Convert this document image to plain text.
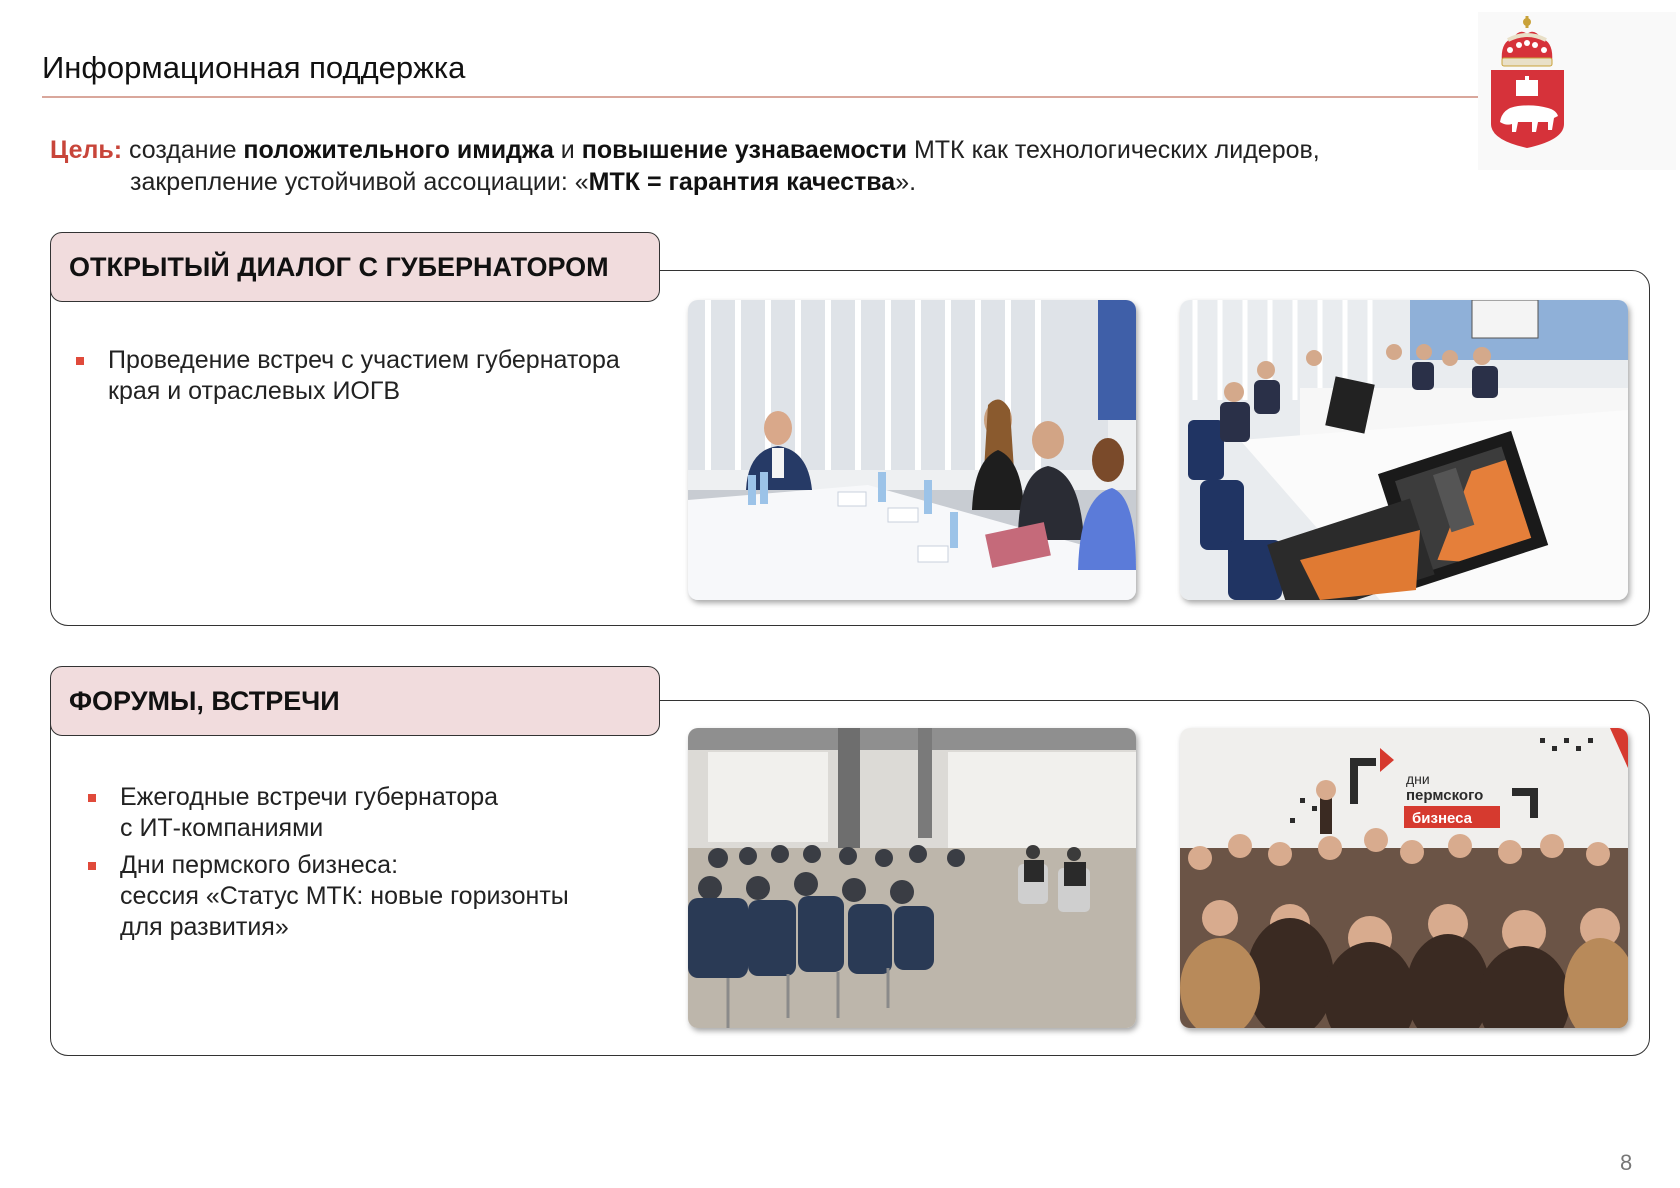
Информационная поддержка
Цель: создание положительного имиджа и повышение узнаваемости МТК как технологических лидеров,
закрепление устойчивой ассоциации: «МТК = гарантия качества».
ОТКРЫТЫЙ ДИАЛОГ С ГУБЕРНАТОРОМ
Проведение встреч с участием губернатора
края и отраслевых ИОГВ
ФОРУМЫ, ВСТРЕЧИ
Ежегодные встречи губернатора
с ИТ-компаниями
Дни пермского бизнеса:
сессия «Статус МТК: новые горизонты
для развития»
дни
пермского
бизнеса
8
